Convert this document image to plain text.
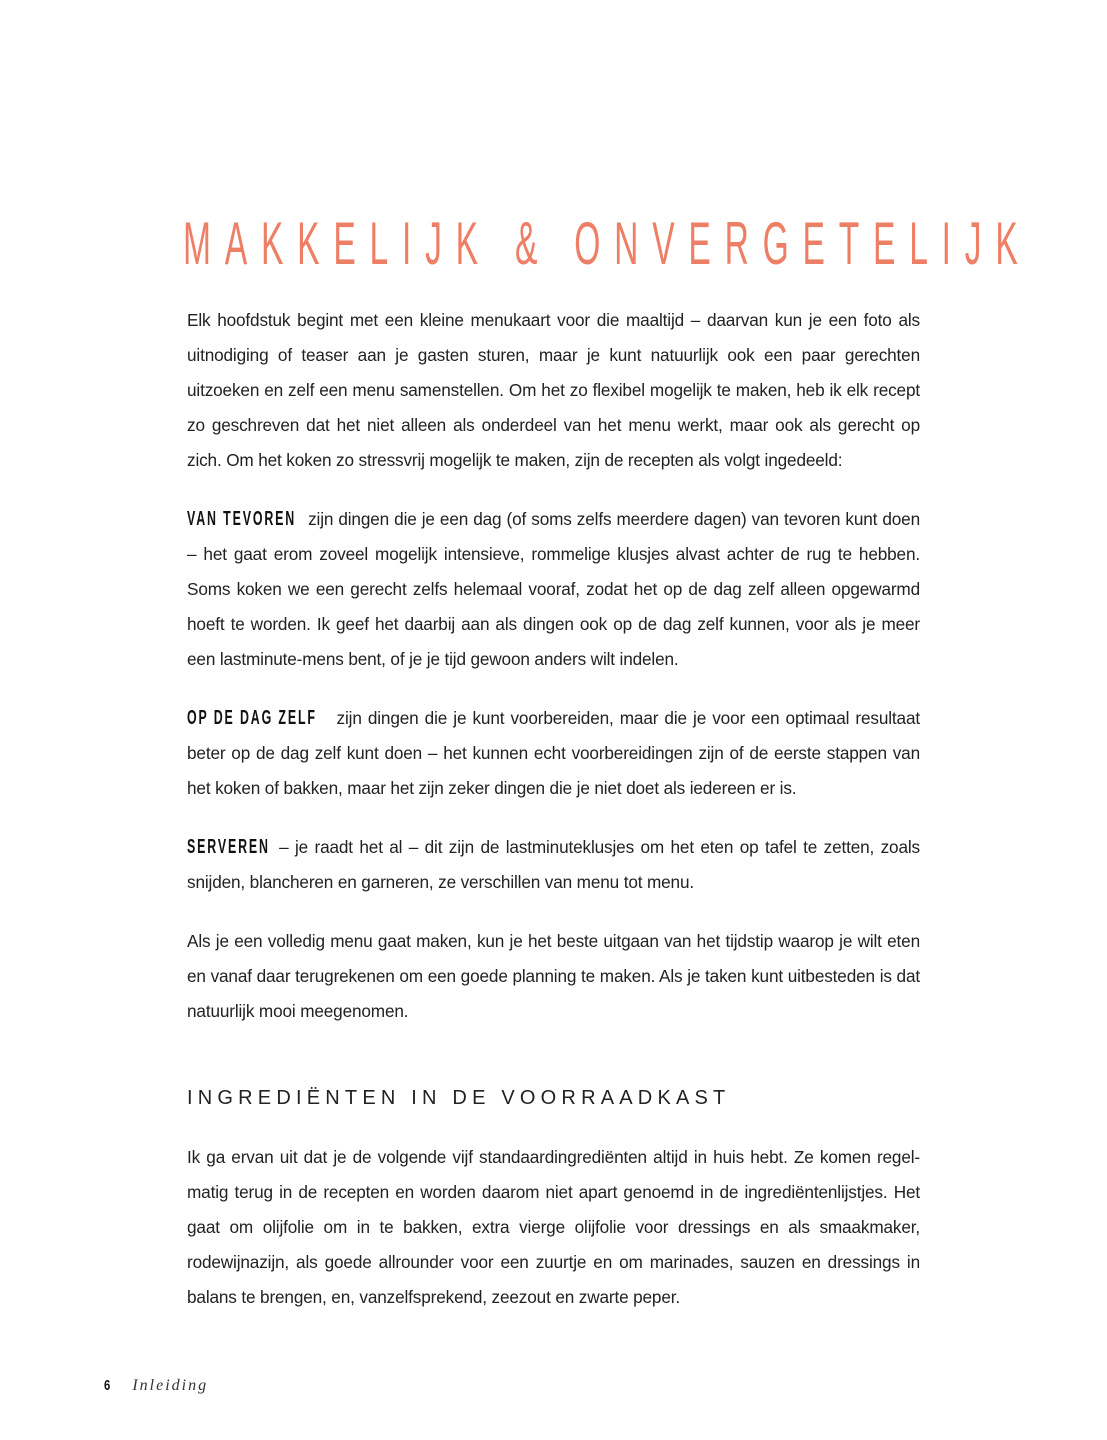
MAKKELIJK & ONVERGETELIJK

Elk hoofdstuk begint met een kleine menukaart voor die maaltijd – daarvan kun je een foto als uitnodiging of teaser aan je gasten sturen, maar je kunt natuurlijk ook een paar gerechten uitzoeken en zelf een menu samenstellen. Om het zo flexibel mogelijk te maken, heb ik elk recept zo geschreven dat het niet alleen als onderdeel van het menu werkt, maar ook als gerecht op zich. Om het koken zo stressvrij mogelijk te maken, zijn de recepten als volgt ingedeeld:

VAN TEVOREN zijn dingen die je een dag (of soms zelfs meerdere dagen) van tevoren kunt doen – het gaat erom zoveel mogelijk intensieve, rommelige klusjes alvast achter de rug te hebben. Soms koken we een gerecht zelfs helemaal vooraf, zodat het op de dag zelf alleen opgewarmd hoeft te worden. Ik geef het daarbij aan als dingen ook op de dag zelf kunnen, voor als je meer een lastminute-mens bent, of je je tijd gewoon anders wilt indelen.

OP DE DAG ZELF zijn dingen die je kunt voorbereiden, maar die je voor een optimaal resultaat beter op de dag zelf kunt doen – het kunnen echt voorbereidingen zijn of de eerste stappen van het koken of bakken, maar het zijn zeker dingen die je niet doet als iedereen er is.

SERVEREN – je raadt het al – dit zijn de lastminuteklusjes om het eten op tafel te zetten, zoals snijden, blancheren en garneren, ze verschillen van menu tot menu.

Als je een volledig menu gaat maken, kun je het beste uitgaan van het tijdstip waarop je wilt eten en vanaf daar terugrekenen om een goede planning te maken. Als je taken kunt uitbesteden is dat natuurlijk mooi meegenomen.

INGREDIËNTEN IN DE VOORRAADKAST

Ik ga ervan uit dat je de volgende vijf standaardingrediënten altijd in huis hebt. Ze komen regel-matig terug in de recepten en worden daarom niet apart genoemd in de ingrediëntenlijstjes. Het gaat om olijfolie om in te bakken, extra vierge olijfolie voor dressings en als smaakmaker, rodewijnazijn, als goede allrounder voor een zuurtje en om marinades, sauzen en dressings in balans te brengen, en, vanzelfsprekend, zeezout en zwarte peper.

6 Inleiding
